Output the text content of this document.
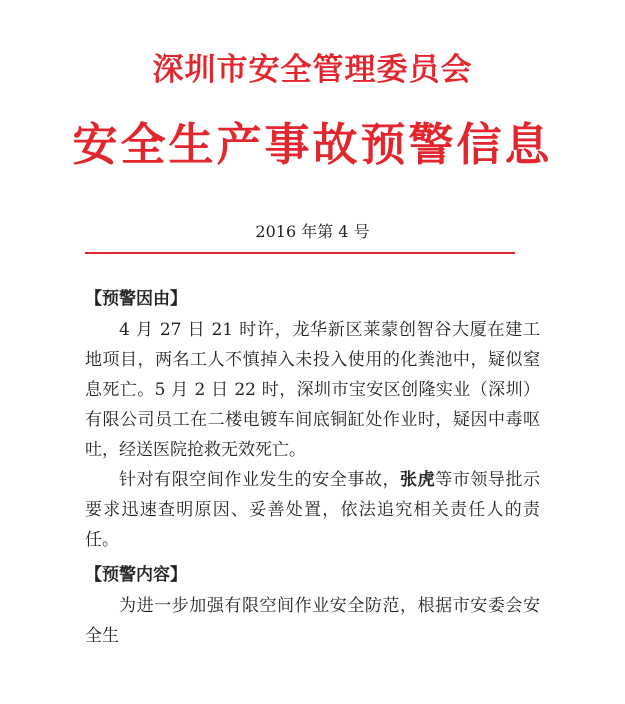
深圳市安全管理委员会
安全生产事故预警信息
2016 年第 4 号
【预警因由】

4 月 27 日 21 时许，龙华新区莱蒙创智谷大厦在建工地项目，两名工人不慎掉入未投入使用的化粪池中，疑似窒息死亡。5 月 2 日 22 时，深圳市宝安区创隆实业（深圳）有限公司员工在二楼电镀车间底铜缸处作业时，疑因中毒呕吐，经送医院抢救无效死亡。

针对有限空间作业发生的安全事故，张虎等市领导批示要求迅速查明原因、妥善处置，依法追究相关责任人的责任。

【预警内容】

为进一步加强有限空间作业安全防范，根据市安委会安全生
